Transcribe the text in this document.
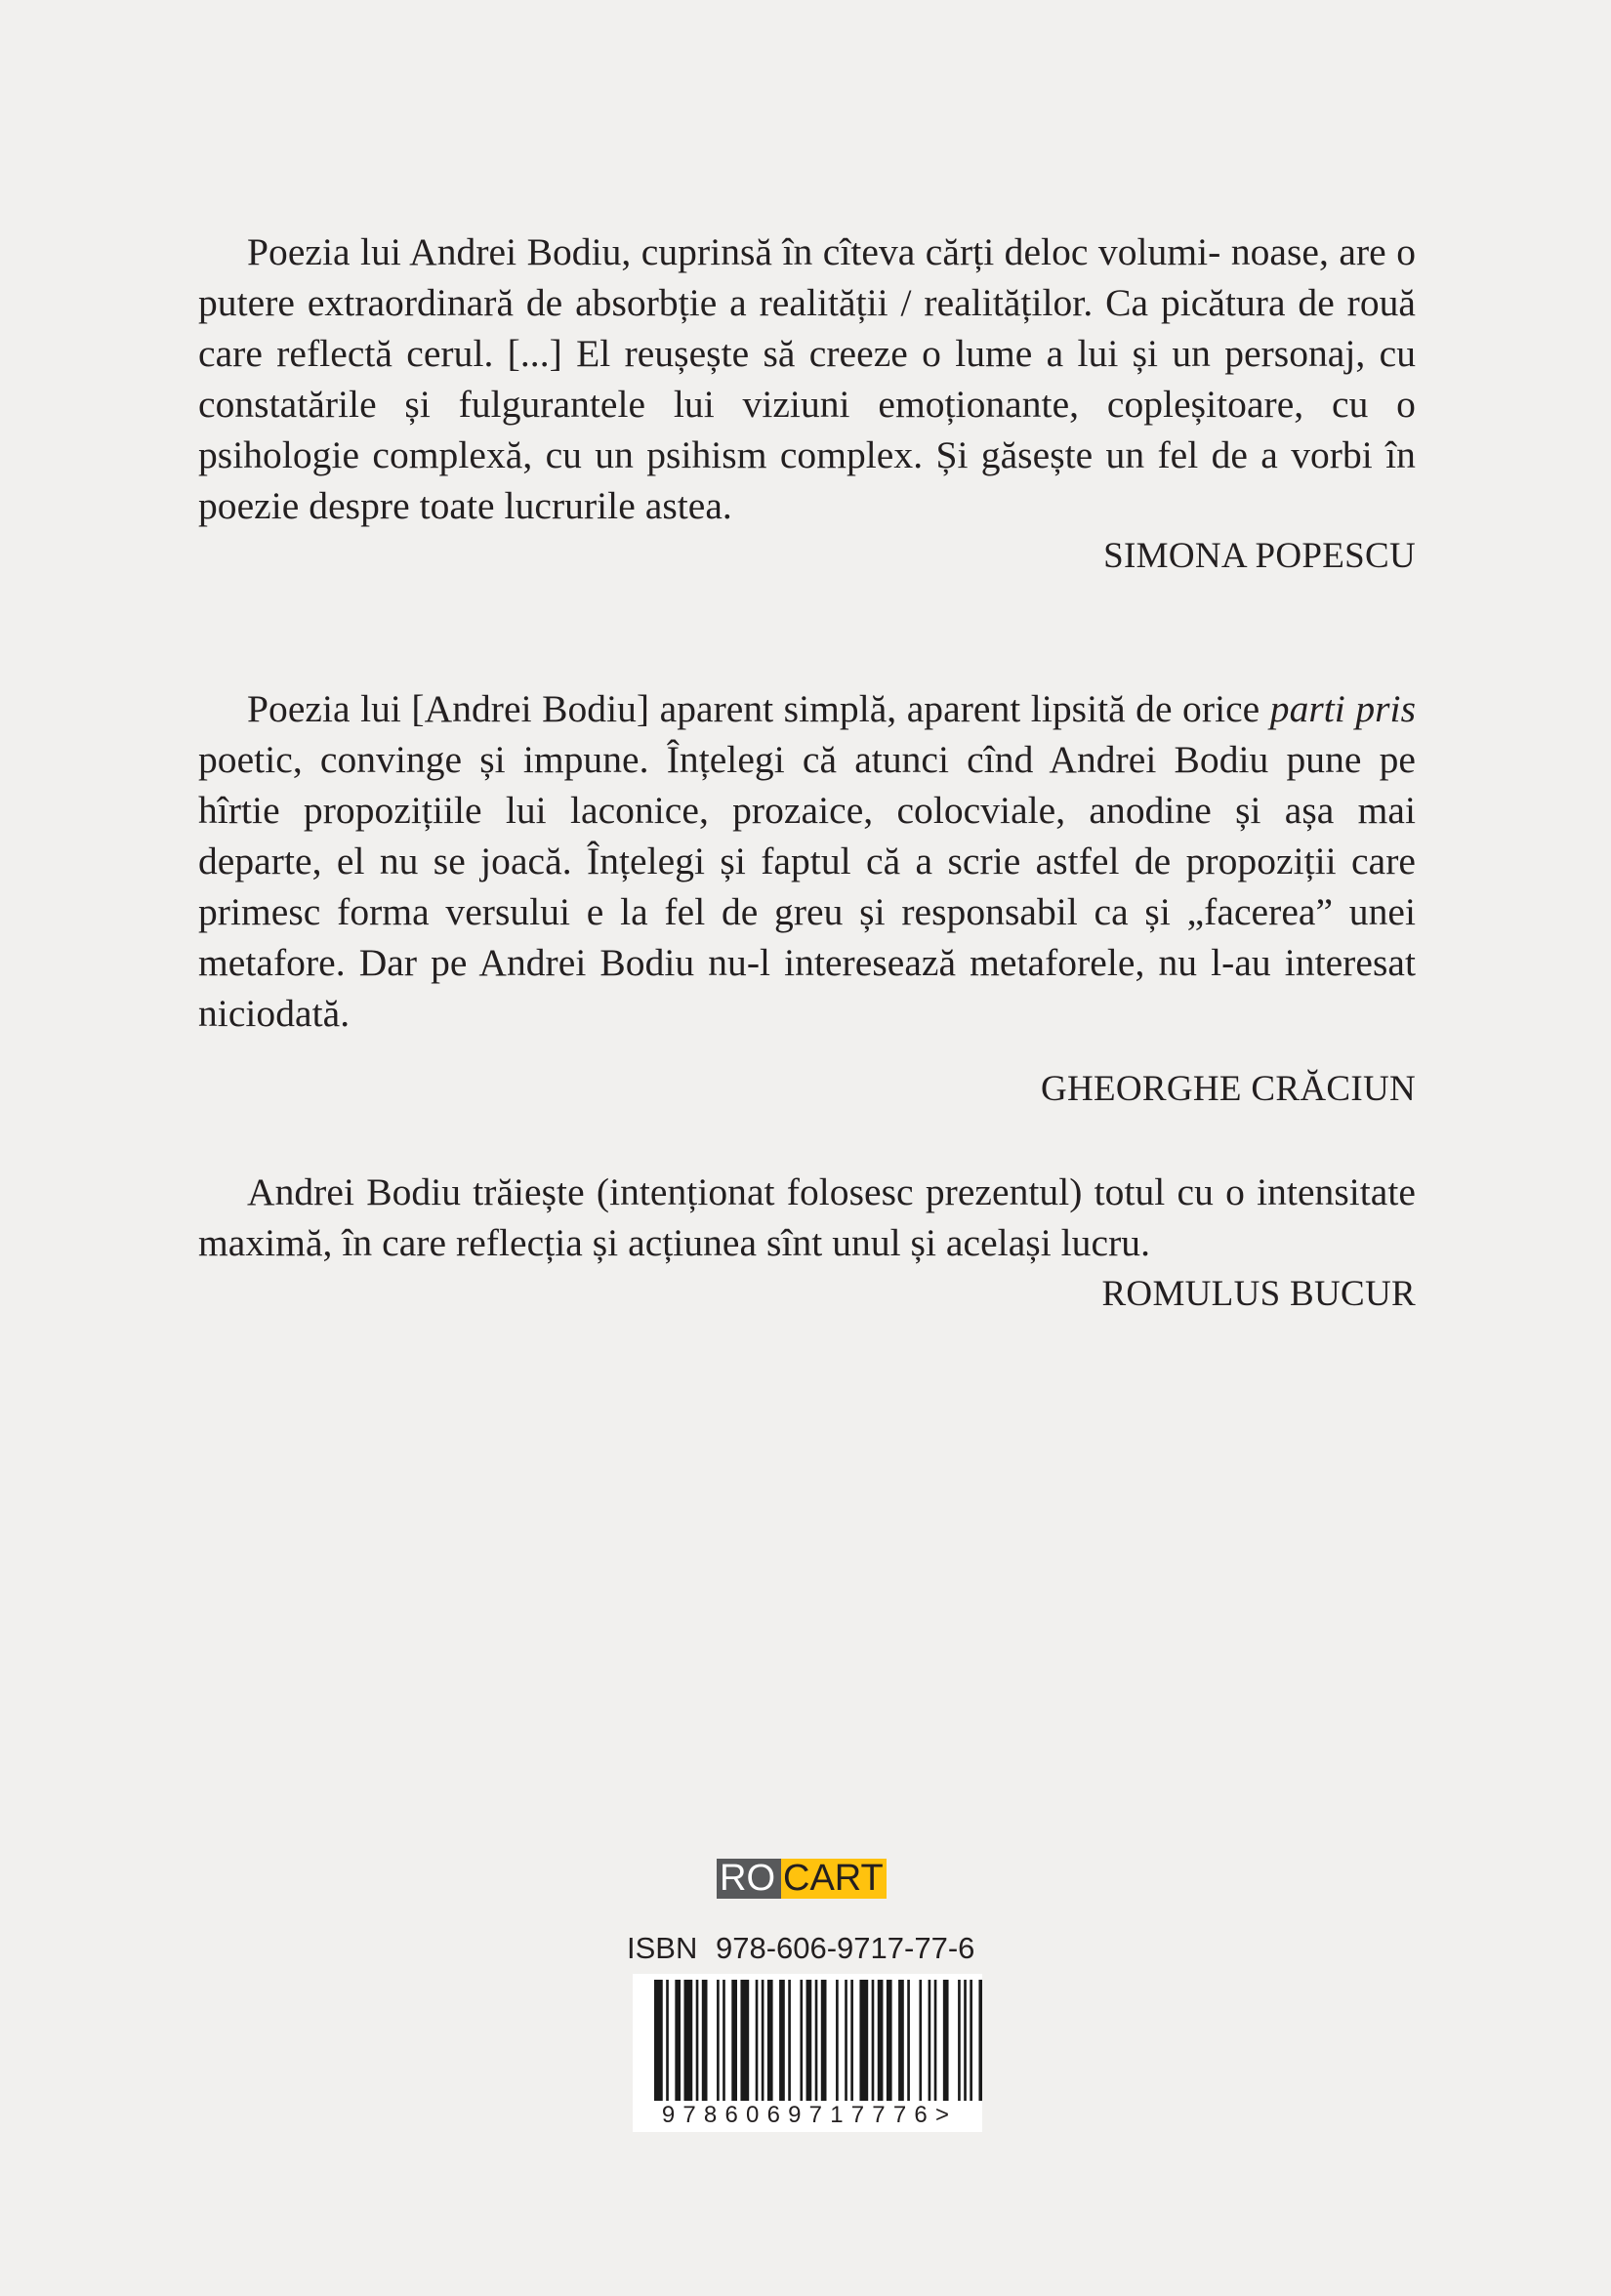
Poezia lui Andrei Bodiu, cuprinsă în cîteva cărți deloc volumi- noase, are o putere extraordinară de absorbție a realității / realităților. Ca picătura de rouă care reflectă cerul. [...] El reușește să creeze o lume a lui și un personaj, cu constatările și fulgurantele lui viziuni emoționante, copleșitoare, cu o psihologie complexă, cu un psihism complex. Și găsește un fel de a vorbi în poezie despre toate lucrurile astea.

SIMONA POPESCU

Poezia lui [Andrei Bodiu] aparent simplă, aparent lipsită de orice parti pris poetic, convinge și impune. Înțelegi că atunci cînd Andrei Bodiu pune pe hîrtie propozițiile lui laconice, prozaice, colocviale, anodine și așa mai departe, el nu se joacă. Înțelegi și faptul că a scrie astfel de propoziții care primesc forma versului e la fel de greu și responsabil ca și „facerea” unei metafore. Dar pe Andrei Bodiu nu-l interesează metaforele, nu l-au interesat niciodată.

GHEORGHE CRĂCIUN

Andrei Bodiu trăiește (intenționat folosesc prezentul) totul cu o intensitate maximă, în care reflecția și acțiunea sînt unul și același lucru.

ROMULUS BUCUR
RO CART
ISBN 978-606-9717-77-6
9786069717776>
